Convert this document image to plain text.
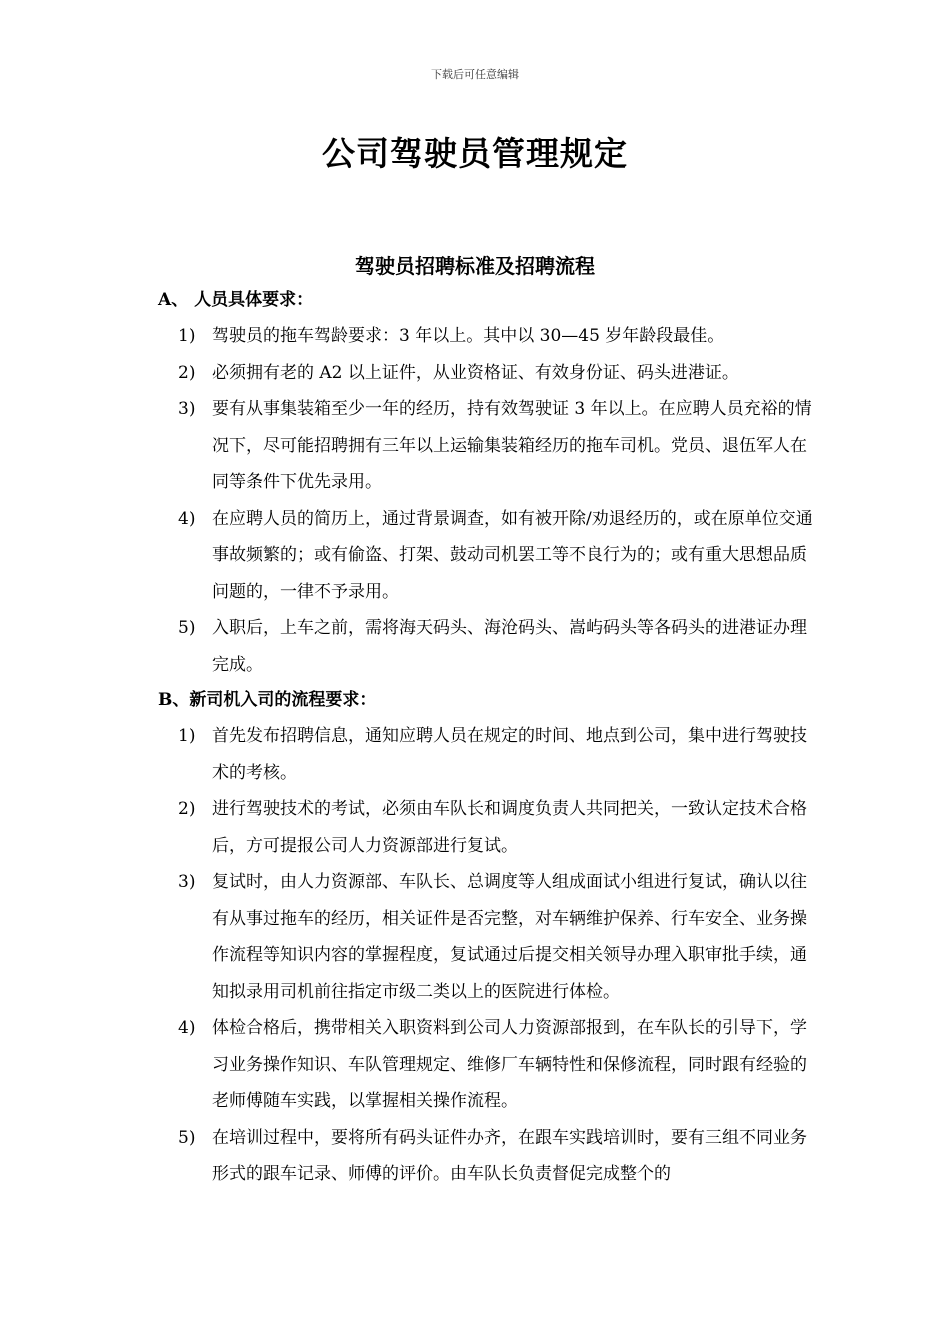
下载后可任意编辑
公司驾驶员管理规定
驾驶员招聘标准及招聘流程
A、 人员具体要求：
1) 驾驶员的拖车驾龄要求：3 年以上。其中以 30—45 岁年龄段最佳。
2) 必须拥有老的 A2 以上证件，从业资格证、有效身份证、码头进港证。
3) 要有从事集装箱至少一年的经历，持有效驾驶证 3 年以上。在应聘人员充裕的情况下，尽可能招聘拥有三年以上运输集装箱经历的拖车司机。党员、退伍军人在同等条件下优先录用。
4) 在应聘人员的简历上，通过背景调查，如有被开除/劝退经历的，或在原单位交通事故频繁的；或有偷盗、打架、鼓动司机罢工等不良行为的；或有重大思想品质问题的，一律不予录用。
5) 入职后，上车之前，需将海天码头、海沧码头、嵩屿码头等各码头的进港证办理完成。
B、新司机入司的流程要求：
1) 首先发布招聘信息，通知应聘人员在规定的时间、地点到公司，集中进行驾驶技术的考核。
2) 进行驾驶技术的考试，必须由车队长和调度负责人共同把关，一致认定技术合格后，方可提报公司人力资源部进行复试。
3) 复试时，由人力资源部、车队长、总调度等人组成面试小组进行复试，确认以往有从事过拖车的经历，相关证件是否完整，对车辆维护保养、行车安全、业务操作流程等知识内容的掌握程度，复试通过后提交相关领导办理入职审批手续，通知拟录用司机前往指定市级二类以上的医院进行体检。
4) 体检合格后，携带相关入职资料到公司人力资源部报到，在车队长的引导下，学习业务操作知识、车队管理规定、维修厂车辆特性和保修流程，同时跟有经验的老师傅随车实践，以掌握相关操作流程。
5) 在培训过程中，要将所有码头证件办齐，在跟车实践培训时，要有三组不同业务形式的跟车记录、师傅的评价。由车队长负责督促完成整个的
